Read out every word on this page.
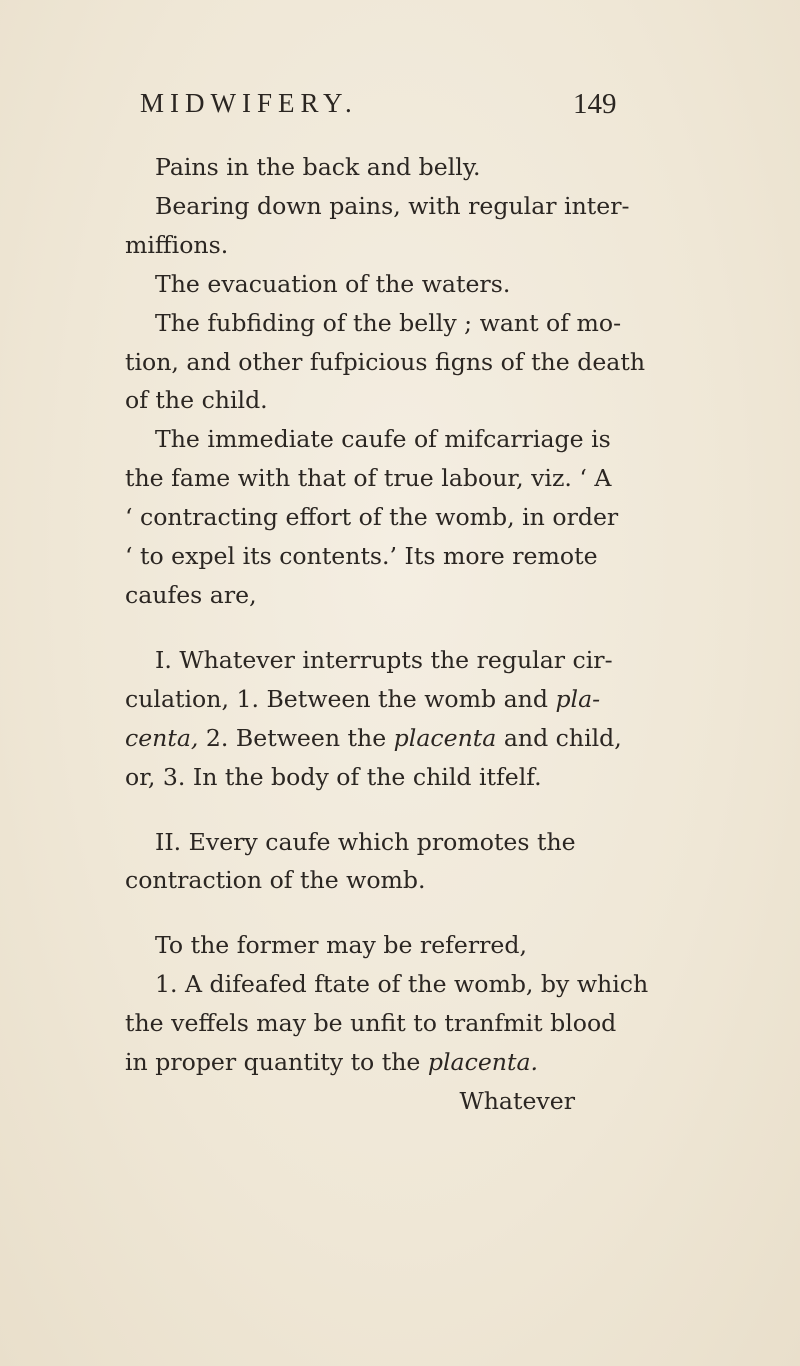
MIDWIFERY.	149

Pains in the back and belly.

Bearing down pains, with regular inter-

miffions.

The evacuation of the waters.

The fubfiding of the belly ; want of mo-

tion, and other fufpicious figns of the death

of the child.

The immediate caufe of mifcarriage is

the fame with that of true labour, viz. ‘ A

‘ contracting effort of the womb, in order

‘ to expel its contents.’ Its more remote

caufes are,

I. Whatever interrupts the regular cir-

culation, 1. Between the womb and pla-

centa, 2. Between the placenta and child,

or, 3. In the body of the child itfelf.

II. Every caufe which promotes the

contraction of the womb.

To the former may be referred,

1. A difeafed ftate of the womb, by which

the veffels may be unfit to tranfmit blood

in proper quantity to the placenta.

Whatever
